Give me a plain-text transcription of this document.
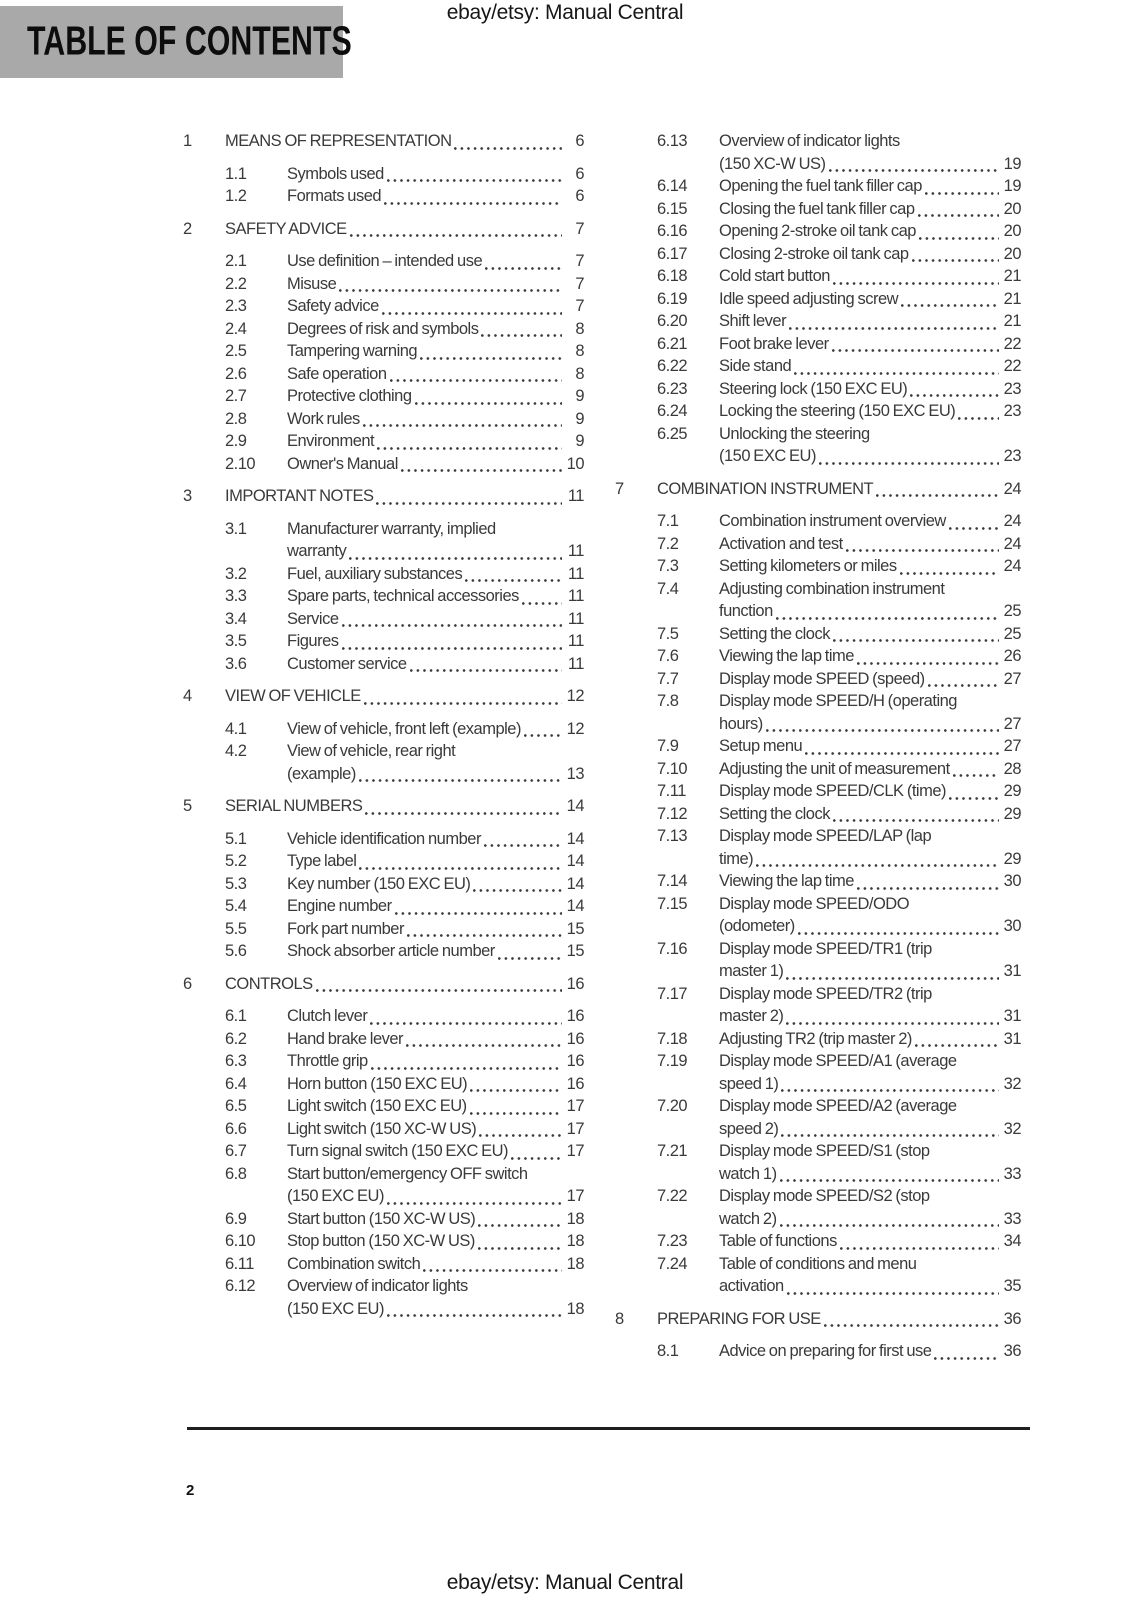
ebay/etsy: Manual Central
TABLE OF CONTENTS
1	MEANS OF REPRESENTATION	6
1.1	Symbols used	6
1.2	Formats used	6
2	SAFETY ADVICE	7
2.1	Use definition – intended use	7
2.2	Misuse	7
2.3	Safety advice	7
2.4	Degrees of risk and symbols	8
2.5	Tampering warning	8
2.6	Safe operation	8
2.7	Protective clothing	9
2.8	Work rules	9
2.9	Environment	9
2.10	Owner's Manual	10
3	IMPORTANT NOTES	11
3.1	Manufacturer warranty, implied
warranty	11
3.2	Fuel, auxiliary substances	11
3.3	Spare parts, technical accessories	11
3.4	Service	11
3.5	Figures	11
3.6	Customer service	11
4	VIEW OF VEHICLE	12
4.1	View of vehicle, front left (example)	12
4.2	View of vehicle, rear right
(example)	13
5	SERIAL NUMBERS	14
5.1	Vehicle identification number	14
5.2	Type label	14
5.3	Key number (150 EXC EU)	14
5.4	Engine number	14
5.5	Fork part number	15
5.6	Shock absorber article number	15
6	CONTROLS	16
6.1	Clutch lever	16
6.2	Hand brake lever	16
6.3	Throttle grip	16
6.4	Horn button (150 EXC EU)	16
6.5	Light switch (150 EXC EU)	17
6.6	Light switch (150 XC-W US)	17
6.7	Turn signal switch (150 EXC EU)	17
6.8	Start button/emergency OFF switch
(150 EXC EU)	17
6.9	Start button (150 XC-W US)	18
6.10	Stop button (150 XC-W US)	18
6.11	Combination switch	18
6.12	Overview of indicator lights
(150 EXC EU)	18
6.13	Overview of indicator lights
(150 XC-W US)	19
6.14	Opening the fuel tank filler cap	19
6.15	Closing the fuel tank filler cap	20
6.16	Opening 2-stroke oil tank cap	20
6.17	Closing 2-stroke oil tank cap	20
6.18	Cold start button	21
6.19	Idle speed adjusting screw	21
6.20	Shift lever	21
6.21	Foot brake lever	22
6.22	Side stand	22
6.23	Steering lock (150 EXC EU)	23
6.24	Locking the steering (150 EXC EU)	23
6.25	Unlocking the steering
(150 EXC EU)	23
7	COMBINATION INSTRUMENT	24
7.1	Combination instrument overview	24
7.2	Activation and test	24
7.3	Setting kilometers or miles	24
7.4	Adjusting combination instrument
function	25
7.5	Setting the clock	25
7.6	Viewing the lap time	26
7.7	Display mode SPEED (speed)	27
7.8	Display mode SPEED/H (operating
hours)	27
7.9	Setup menu	27
7.10	Adjusting the unit of measurement	28
7.11	Display mode SPEED/CLK (time)	29
7.12	Setting the clock	29
7.13	Display mode SPEED/LAP (lap
time)	29
7.14	Viewing the lap time	30
7.15	Display mode SPEED/ODO
(odometer)	30
7.16	Display mode SPEED/TR1 (trip
master 1)	31
7.17	Display mode SPEED/TR2 (trip
master 2)	31
7.18	Adjusting TR2 (trip master 2)	31
7.19	Display mode SPEED/A1 (average
speed 1)	32
7.20	Display mode SPEED/A2 (average
speed 2)	32
7.21	Display mode SPEED/S1 (stop
watch 1)	33
7.22	Display mode SPEED/S2 (stop
watch 2)	33
7.23	Table of functions	34
7.24	Table of conditions and menu
activation	35
8	PREPARING FOR USE	36
8.1	Advice on preparing for first use	36
2
ebay/etsy: Manual Central
